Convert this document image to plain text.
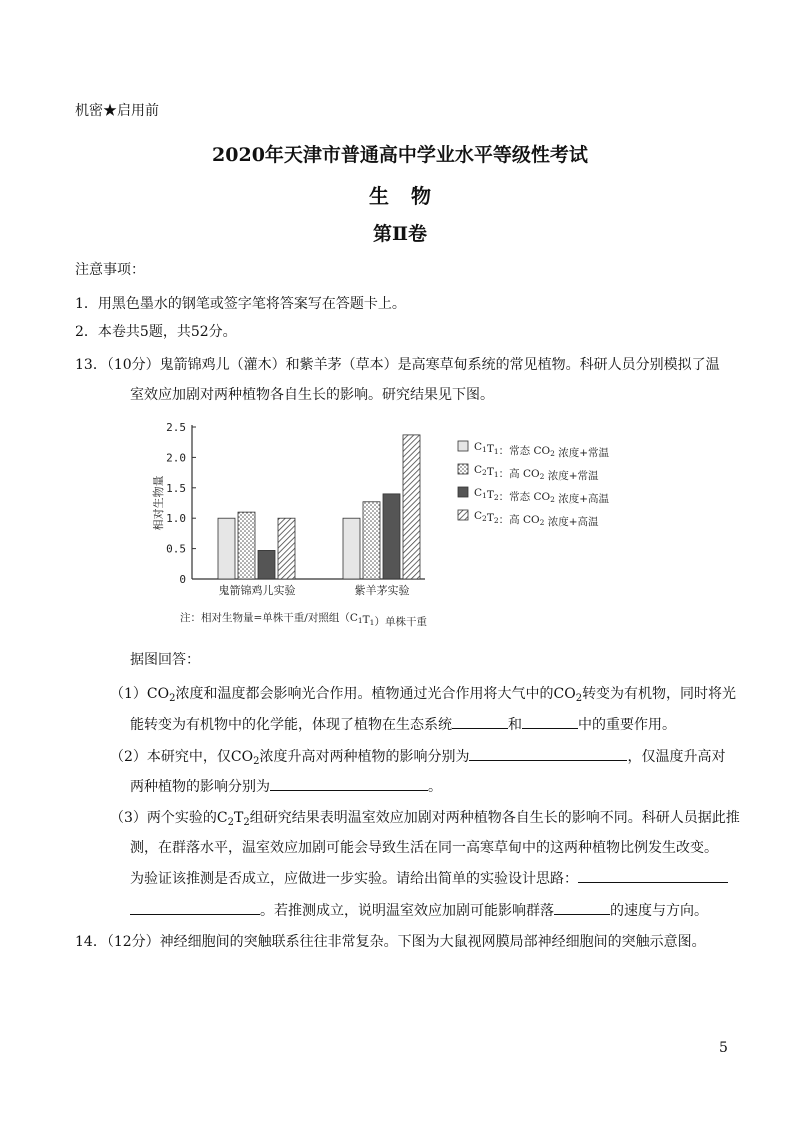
机密★启用前
2020年天津市普通高中学业水平等级性考试
生物
第Ⅱ卷
注意事项：
1．用黑色墨水的钢笔或签字笔将答案写在答题卡上。
2．本卷共5题，共52分。
13．（10分）鬼箭锦鸡儿（灌木）和紫羊茅（草本）是高寒草甸系统的常见植物。科研人员分别模拟了温
室效应加剧对两种植物各自生长的影响。研究结果见下图。
0
0.5
1.0
1.5
2.0
2.5
相对生物量
鬼箭锦鸡儿实验	紫羊茅实验
C1T1：常态 CO2 浓度+常温
C2T1：高 CO2 浓度+常温
C1T2：常态 CO2 浓度+高温
C2T2：高 CO2 浓度+高温
注：相对生物量=单株干重/对照组（C1T1）单株干重
据图回答：
$(1)CO_2$浓度和温度都会影响光合作用。植物通过光合作用将大气中的$CO_2$转变为有机物，同时将光
能转变为有机物中的化学能，体现了植物在生态系统	和	中的重要作用。
（2）本研究中，仅$CO_2$浓度升高对两种植物的影响分别为	，仅温度升高对
两种植物的影响分别为	。
（3）两个实验的$C_2T_2$组研究结果表明温室效应加剧对两种植物各自生长的影响不同。科研人员据此推
测，在群落水平，温室效应加剧可能会导致生活在同一高寒草甸中的这两种植物比例发生改变。
为验证该推测是否成立，应做进一步实验。请给出简单的实验设计思路：
。若推测成立，说明温室效应加剧可能影响群落	的速度与方向。
14．（12分）神经细胞间的突触联系往往非常复杂。下图为大鼠视网膜局部神经细胞间的突触示意图。
5
